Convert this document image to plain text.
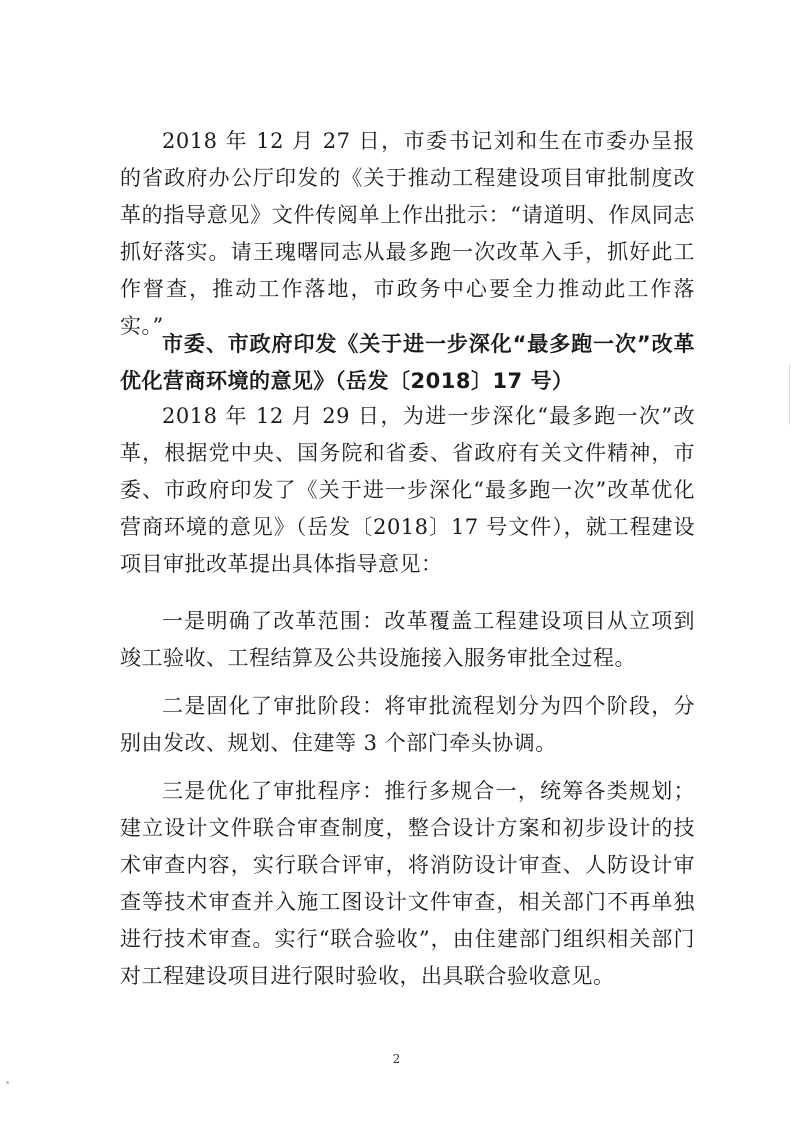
2018 年 12 月 27 日，市委书记刘和生在市委办呈报的省政府办公厅印发的《关于推动工程建设项目审批制度改革的指导意见》文件传阅单上作出批示：“请道明、作凤同志抓好落实。请王瑰曙同志从最多跑一次改革入手，抓好此工作督查，推动工作落地，市政务中心要全力推动此工作落实。”

市委、市政府印发《关于进一步深化“最多跑一次”改革优化营商环境的意见》（岳发〔2018〕17 号）

2018 年 12 月 29 日，为进一步深化“最多跑一次”改革，根据党中央、国务院和省委、省政府有关文件精神，市委、市政府印发了《关于进一步深化“最多跑一次”改革优化营商环境的意见》（岳发〔2018〕17 号文件），就工程建设项目审批改革提出具体指导意见：

一是明确了改革范围：改革覆盖工程建设项目从立项到竣工验收、工程结算及公共设施接入服务审批全过程。

二是固化了审批阶段：将审批流程划分为四个阶段，分别由发改、规划、住建等 3 个部门牵头协调。

三是优化了审批程序：推行多规合一，统筹各类规划；建立设计文件联合审查制度，整合设计方案和初步设计的技术审查内容，实行联合评审，将消防设计审查、人防设计审查等技术审查并入施工图设计文件审查，相关部门不再单独进行技术审查。实行“联合验收”，由住建部门组织相关部门对工程建设项目进行限时验收，出具联合验收意见。

2
